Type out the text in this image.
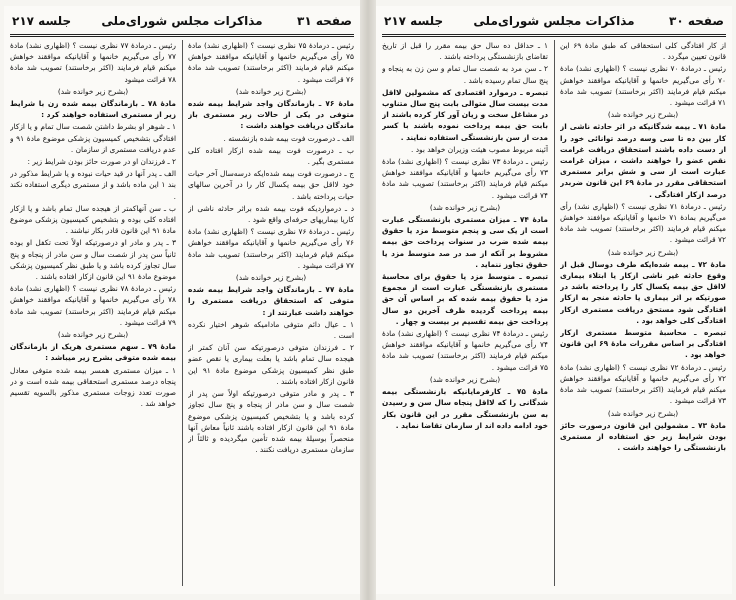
صفحه ۳۱
مذاکرات مجلس شورای‌ملی
جلسه ۲۱۷

رئیس ـ درمادهٔ ۷۵ نظری نیست ؟ (اظهاری نشد) مادهٔ ۷۵ رأی می‌گیریم خانمها و آقایانیکه موافقند خواهش میکنم قیام فرمایند (اکثر برخاستند) تصویب شد مادهٔ ۷۶ قرائت میشود .

(بشرح زیر خوانده شد)

مادهٔ ۷۶ ـ بازماندگان واجد شرایط بیمه شده متوفی در یکی از حالات زیر مستمری باز ماندگان دریافت خواهند داشت :

الف ـ درصورت فوت بیمه شده بازنشسته .

ب ـ درصورت فوت بیمه شده ازکار افتاده کلی مستمری بگیر .

ج ـ درصورت فوت بیمه شده‌ایکه درسه‌سال آخر حیات خود لااقل حق بیمه یکسال کار را در آخرین سالهای حیات پرداخته باشد .

د ـ درمواردیکه فوت بیمه شده براثر حادثه ناشی از کاریا بیماریهای حرفه‌ای واقع شود .

رئیس ـ درمادهٔ ۷۶ نظری نیست ؟ (اظهاری نشد) مادهٔ ۷۶ رأی می‌گیریم خانمها و آقایانیکه موافقند خواهش میکنم قیام فرمایند (اکثر برخاستند) تصویب شد مادهٔ ۷۷ قرائت میشود .

(بشرح زیر خوانده شد)

مادهٔ ۷۷ ـ بازماندگان واجد شرایط بیمه شده متوفی که استحقاق دریافت مستمری را خواهند داشت عبارتند از :

۱ ـ عیال دائم متوفی مادامیکه شوهر اختیار نکرده است .

۲ ـ فرزندان متوفی درصورتیکه سن آنان کمتر از هیجده سال تمام باشد یا بعلت بیماری یا نقص عضو طبق نظر کمیسیون پزشکی موضوع مادهٔ ۹۱ این قانون ازکار افتاده باشند .

۳ ـ پدر و مادر متوفی درصورتیکه اولاً سن پدر از شصت سال و سن مادر از پنجاه و پنج سال تجاوز کرده باشد و یا بتشخیص کمیسیون پزشکی موضوع مادهٔ ۹۱ این قانون ازکار افتاده باشند ثانیاً معاش آنها منحصراً بوسیلهٔ بیمه شده تأمین میگردیده و ثالثاً از سازمان مستمری دریافت نکنند .

رئیس ـ درمادهٔ ۷۷ نظری نیست ؟ (اظهاری نشد) مادهٔ ۷۷ رأی می‌گیریم خانمها و آقایانیکه موافقند خواهش میکنم قیام فرمایند (اکثر برخاستند) تصویب شد مادهٔ ۷۸ قرائت میشود

(بشرح زیر خوانده شد)

مادهٔ ۷۸ ـ بازماندگان بیمه شده زن با شرایط زیر از مستمری استفاده خواهند کرد :

۱ ـ شوهر او بشرط داشتن شصت سال تمام و یا ازکار افتادگی بتشخیص کمیسیون پزشکی موضوع مادهٔ ۹۱ و عدم دریافت مستمری از سازمان .

۲ ـ فرزندان او در صورت حائز بودن شرایط زیر :

الف ـ پدر آنها در قید حیات نبوده و یا شرایط مذکور در بند ۱ این ماده باشد و از مستمری دیگری استفاده نکند .

ب ـ سن آنهاکمتر از هیجده سال تمام باشد و یا ازکار افتاده کلی بوده و بتشخیص کمیسیون پزشکی موضوع مادهٔ ۹۱ این قانون قادر بکار نباشند .

۳ ـ پدر و مادر او درصورتیکه اولاً تحت تکفل او بوده ثانیاً سن پدر از شصت سال و سن مادر از پنجاه و پنج سال تجاوز کرده باشد و یا طبق نظر کمیسیون پزشکی موضوع مادهٔ ۹۱ این قانون ازکار افتاده باشند .

رئیس ـ درمادهٔ ۷۸ نظری نیست ؟ (اظهاری نشد) مادهٔ ۷۸ رأی می‌گیریم خانمها و آقایانیکه موافقند خواهش میکنم قیام فرمایند (اکثر برخاستند) تصویب شد مادهٔ ۷۹ قرائت میشود .

(بشرح زیر خوانده شد)

مادهٔ ۷۹ ـ سهم مستمری هریک از بازماندگان بیمه شده متوفی بشرح زیر میباشد :

۱ ـ میزان مستمری همسر بیمه شده متوفی معادل پنجاه درصد مستمری استحقاقی بیمه شده است و در صورت تعدد زوجات مستمری مذکور بالسویه تقسیم خواهد شد .

صفحه ۳۰
مذاکرات مجلس شورای‌ملی
جلسه ۲۱۷

از کار افتادگی کلی استحقاقی که طبق مادهٔ ۶۹ این قانون تعیین میگردد .

رئیس ـ درمادهٔ ۷۰ نظری نیست ؟ (اظهاری نشد) مادهٔ ۷۰ رأی می‌گیریم خانمها و آقایانیکه موافقند خواهش میکنم قیام فرمایند (اکثر برخاستند) تصویب شد مادهٔ ۷۱ قرائت میشود .

(بشرح زیر خوانده شد)

مادهٔ ۷۱ ـ بیمه شدگانیکه در اثر حادثه ناشی از کار بین ده تا سی وسه درصد توانائی خود را از دست داده باشند استحقاق دریافت غرامت نقص عضو را خواهند داشت ، میزان غرامت عبارت است از سی و شش برابر مستمری استحقاقی مقرر در مادهٔ ۶۹ این قانون ضربدر درصد ازکار افتادگی .

رئیس ـ درمادهٔ ۷۱ نظری نیست ؟ (اظهاری نشد) رأی می‌گیریم بمادهٔ ۷۱ خانمها و آقایانیکه موافقند خواهش میکنم قیام فرمایند (اکثر برخاستند) تصویب شد مادهٔ ۷۲ قرائت میشود .

(بشرح زیر خوانده شد)

مادهٔ ۷۲ ـ بیمه شده‌ایکه طرف دوسال قبل از وقوع حادثه غیر ناشی ازکار یا ابتلاء بیماری لااقل حق بیمه یکسال کار را پرداخته باشد در صورتیکه بر اثر بیماری یا حادثه منجر به ازکار افتادگی شود مستحق دریافت مستمری ازکار افتادگی کلی خواهد بود .

تبصره ـ محاسبهٔ متوسط مستمری ازکار افتادگی بر اساس مقررات مادهٔ ۶۹ این قانون خواهد بود .

رئیس ـ درمادهٔ ۷۲ نظری نیست ؟ (اظهاری نشد) مادهٔ ۷۲ رأی می‌گیریم خانمها و آقایانیکه موافقند خواهش میکنم قیام فرمایند (اکثر برخاستند) تصویب شد مادهٔ ۷۳ قرائت میشود .

(بشرح زیر خوانده شد)

مادهٔ ۷۳ ـ مشمولین این قانون درصورت حائز بودن شرایط زیر حق استفاده از مستمری بازنشستگی را خواهند داشت .

۱ ـ حداقل ده سال حق بیمه مقرر را قبل از تاریخ تقاضای بازنشستگی پرداخته باشند .

۲ ـ سن مرد به شصت سال تمام و سن زن به پنجاه و پنج سال تمام رسیده باشد .

تبصره ـ درموارد اقتصادی که مشمولین لااقل مدت بیست سال متوالی بابت پنج سال متناوب در مشاغل سخت و زیان آور کار کرده باشند از بابت حق بیمه پرداخت نموده باشند با کسر مدت از سن بازنشستگی استفاده نمایند .

آئینه مربوط مصوب هیئت وزیران خواهد بود .

رئیس ـ درمادهٔ ۷۳ نظری نیست ؟ (اظهاری نشد) مادهٔ ۷۳ رأی می‌گیریم خانمها و آقایانیکه موافقند خواهش میکنم قیام فرمایند (اکثر برخاستند) تصویب شد مادهٔ ۷۴ قرائت میشود .

(بشرح زیر خوانده شد)

مادهٔ ۷۴ ـ میزان مستمری بازنشستگی عبارت است از یک سی و پنجم متوسط مزد یا حقوق بیمه شده ضرب در سنوات پرداخت حق بیمه مشروط بر آنکه از صد در صد متوسط مزد یا حقوق تجاوز ننماید .

تبصره ـ متوسط مزد یا حقوق برای محاسبهٔ مستمری بازنشستگی عبارت است از مجموع مزد یا حقوق بیمه شده که بر اساس آن حق بیمه پرداخت گردیده ظرف آخرین دو سال پرداخت حق بیمه تقسیم بر بیست و چهار .

رئیس ـ درمادهٔ ۷۴ نظری نیست ؟ (اظهاری نشد) مادهٔ ۷۴ رأی می‌گیریم خانمها و آقایانیکه موافقند خواهش میکنم قیام فرمایند (اکثر برخاستند) تصویب شد مادهٔ ۷۵ قرائت میشود .

(بشرح زیر خوانده شد)

مادهٔ ۷۵ ـ کارفرمایانیکه بازنشستگی بیمه شدگانی را که لااقل پنجاه سال سن و رسیدن به سن بازنشستگی مقرر در این قانون بکار خود ادامه داده اند از سازمان تقاضا نماید .
